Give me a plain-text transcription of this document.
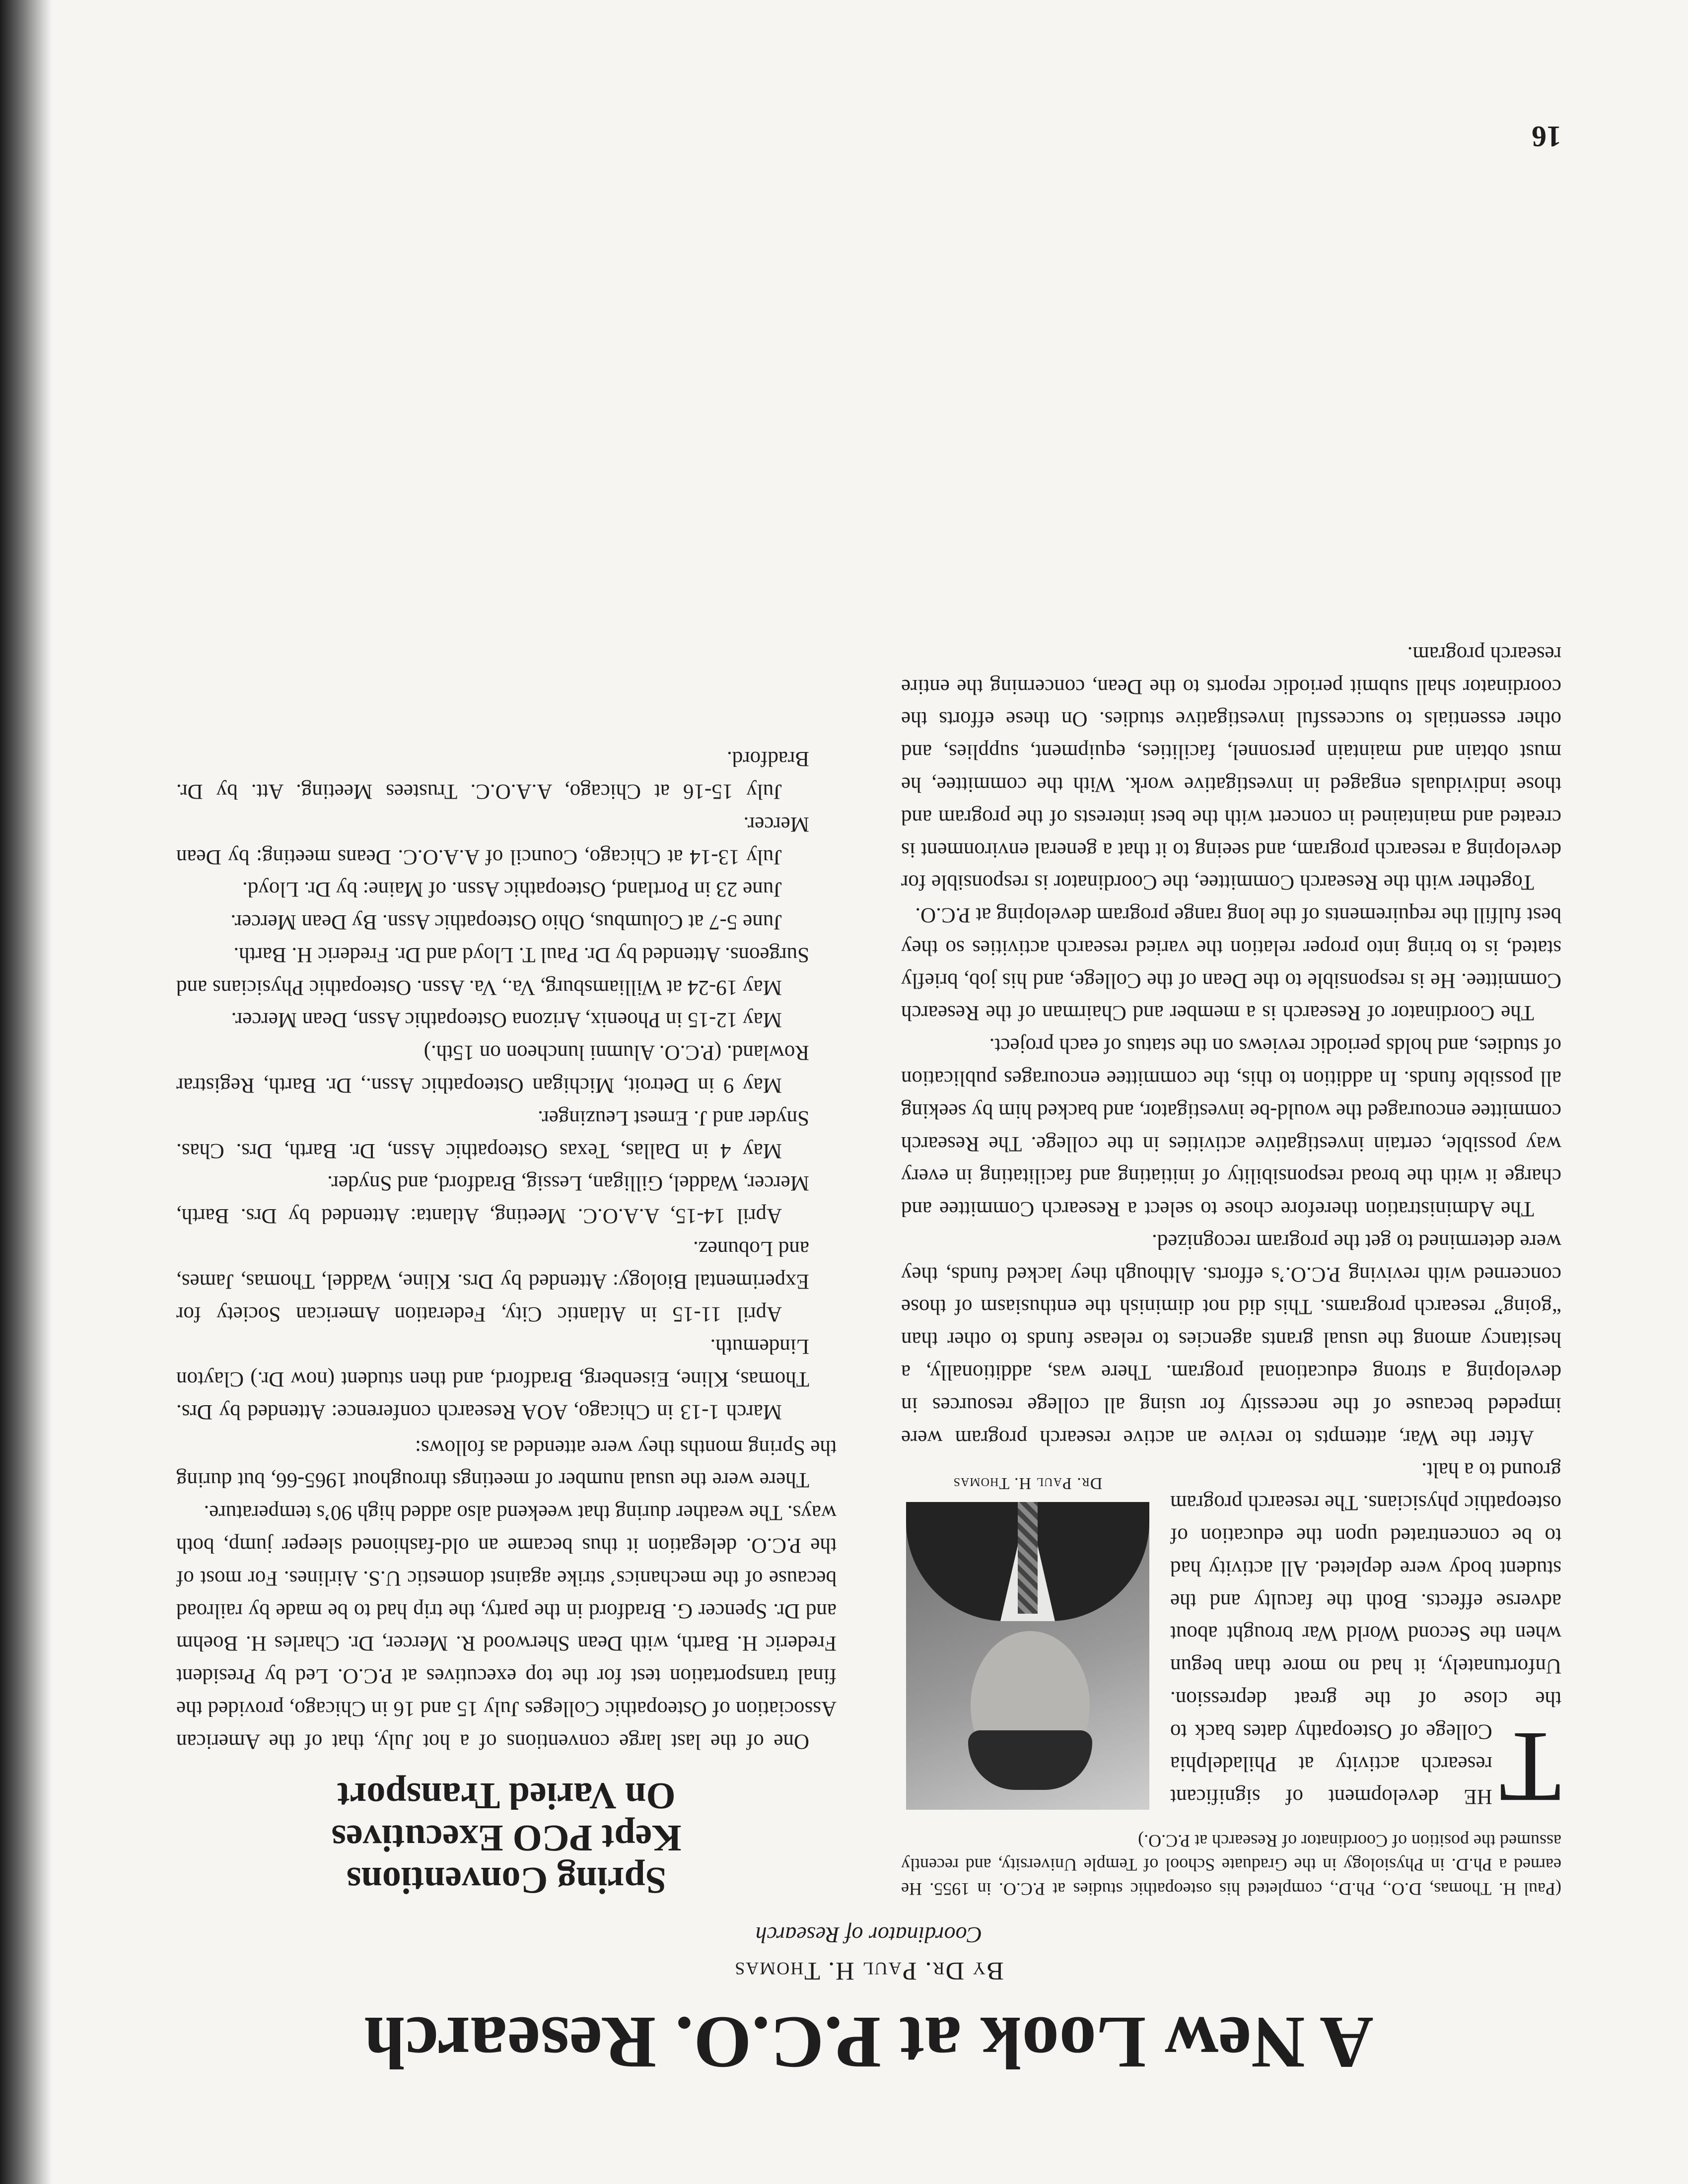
A New Look at P.C.O. Research
By Dr. Paul H. Thomas
Coordinator of Research

(Paul H. Thomas, D.O., Ph.D., completed his osteopathic studies at P.C.O. in 1955. He earned a Ph.D. in Physiology in the Graduate School of Temple University, and recently assumed the position of Coordinator of Research at P.C.O.)

Dr. Paul H. Thomas

T
HE development of significant research activity at Philadelphia College of Osteopathy dates back to the close of the great depression. Unfortunately, it had no more than begun when the Second World War brought about adverse effects. Both the faculty and the student body were depleted. All activity had to be concentrated upon the education of osteopathic physicians. The research program ground to a halt.

After the War, attempts to revive an active research program were impeded because of the necessity for using all college resources in developing a strong educational program. There was, additionally, a hesitancy among the usual grants agencies to release funds to other than “going” research programs. This did not diminish the enthusiasm of those concerned with reviving P.C.O.’s efforts. Although they lacked funds, they were determined to get the program recognized.

The Administration therefore chose to select a Research Committee and charge it with the broad responsibility of initiating and facilitating in every way possible, certain investigative activities in the college. The Research committee encouraged the would-be investigator, and backed him by seeking all possible funds. In addition to this, the committee encourages publication of studies, and holds periodic reviews on the status of each project.

The Coordinator of Research is a member and Chairman of the Research Committee. He is responsible to the Dean of the College, and his job, briefly stated, is to bring into proper relation the varied research activities so they best fulfill the requirements of the long range program developing at P.C.O.

Together with the Research Committee, the Coordinator is responsible for developing a research program, and seeing to it that a general environment is created and maintained in concert with the best interests of the program and those individuals engaged in investigative work. With the committee, he must obtain and maintain personnel, facilities, equipment, supplies, and other essentials to successful investigative studies. On these efforts the coordinator shall submit periodic reports to the Dean, concerning the entire research program.

Spring Conventions
Kept PCO Executives
On Varied Transport

One of the last large conventions of a hot July, that of the American Association of Osteopathic Colleges July 15 and 16 in Chicago, provided the final transportation test for the top executives at P.C.O. Led by President Frederic H. Barth, with Dean Sherwood R. Mercer, Dr. Charles H. Boehm and Dr. Spencer G. Bradford in the party, the trip had to be made by railroad because of the mechanics’ strike against domestic U.S. Airlines. For most of the P.C.O. delegation it thus became an old-fashioned sleeper jump, both ways. The weather during that weekend also added high 90’s temperature.

There were the usual number of meetings throughout 1965-66, but during the Spring months they were attended as follows:

March 1-13 in Chicago, AOA Research conference: Attended by Drs. Thomas, Kline, Eisenberg, Bradford, and then student (now Dr.) Clayton Lindemuth.

April 11-15 in Atlantic City, Federation American Society for Experimental Biology: Attended by Drs. Kline, Waddel, Thomas, James, and Lobunez.

April 14-15, A.A.O.C. Meeting, Atlanta: Attended by Drs. Barth, Mercer, Waddel, Gilligan, Lessig, Bradford, and Snyder.

May 4 in Dallas, Texas Osteopathic Assn, Dr. Barth, Drs. Chas. Snyder and J. Ernest Leuzinger.

May 9 in Detroit, Michigan Osteopathic Assn., Dr. Barth, Registrar Rowland. (P.C.O. Alumni luncheon on 15th.)

May 12-15 in Phoenix, Arizona Osteopathic Assn, Dean Mercer.

May 19-24 at Williamsburg, Va., Va. Assn. Osteopathic Physicians and Surgeons. Attended by Dr. Paul T. Lloyd and Dr. Frederic H. Barth.

June 5-7 at Columbus, Ohio Osteopathic Assn. By Dean Mercer.

June 23 in Portland, Osteopathic Assn. of Maine: by Dr. Lloyd.

July 13-14 at Chicago, Council of A.A.O.C. Deans meeting: by Dean Mercer.

July 15-16 at Chicago, A.A.O.C. Trustees Meeting. Att. by Dr. Bradford.

16
